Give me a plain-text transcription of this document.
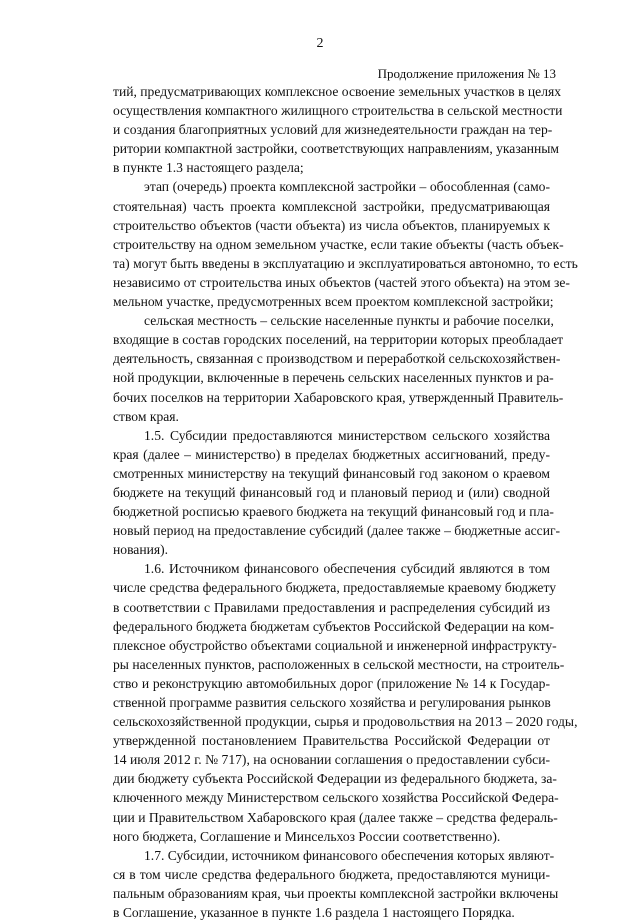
2
Продолжение приложения № 13

тий, предусматривающих комплексное освоение земельных участков в целях
осуществления компактного жилищного строительства в сельской местности
и создания благоприятных условий для жизнедеятельности граждан на тер-
ритории компактной застройки, соответствующих направлениям, указанным
в пункте 1.3 настоящего раздела;

этап (очередь) проекта комплексной застройки – обособленная (само-
стоятельная) часть проекта комплексной застройки, предусматривающая
строительство объектов (части объекта) из числа объектов, планируемых к
строительству на одном земельном участке, если такие объекты (часть объек-
та) могут быть введены в эксплуатацию и эксплуатироваться автономно, то есть
независимо от строительства иных объектов (частей этого объекта) на этом зе-
мельном участке, предусмотренных всем проектом комплексной застройки;

сельская местность – сельские населенные пункты и рабочие поселки,
входящие в состав городских поселений, на территории которых преобладает
деятельность, связанная с производством и переработкой сельскохозяйствен-
ной продукции, включенные в перечень сельских населенных пунктов и ра-
бочих поселков на территории Хабаровского края, утвержденный Правитель-
ством края.

1.5. Субсидии предоставляются министерством сельского хозяйства
края (далее – министерство) в пределах бюджетных ассигнований, преду-
смотренных министерству на текущий финансовый год законом о краевом
бюджете на текущий финансовый год и плановый период и (или) сводной
бюджетной росписью краевого бюджета на текущий финансовый год и пла-
новый период на предоставление субсидий (далее также – бюджетные ассиг-
нования).

1.6. Источником финансового обеспечения субсидий являются в том
числе средства федерального бюджета, предоставляемые краевому бюджету
в соответствии с Правилами предоставления и распределения субсидий из
федерального бюджета бюджетам субъектов Российской Федерации на ком-
плексное обустройство объектами социальной и инженерной инфраструкту-
ры населенных пунктов, расположенных в сельской местности, на строитель-
ство и реконструкцию автомобильных дорог (приложение № 14 к Государ-
ственной программе развития сельского хозяйства и регулирования рынков
сельскохозяйственной продукции, сырья и продовольствия на 2013 – 2020 годы,
утвержденной постановлением Правительства Российской Федерации от
14 июля 2012 г. № 717), на основании соглашения о предоставлении субси-
дии бюджету субъекта Российской Федерации из федерального бюджета, за-
ключенного между Министерством сельского хозяйства Российской Федера-
ции и Правительством Хабаровского края (далее также – средства федераль-
ного бюджета, Соглашение и Минсельхоз России соответственно).

1.7. Субсидии, источником финансового обеспечения которых являют-
ся в том числе средства федерального бюджета, предоставляются муници-
пальным образованиям края, чьи проекты комплексной застройки включены
в Соглашение, указанное в пункте 1.6 раздела 1 настоящего Порядка.
